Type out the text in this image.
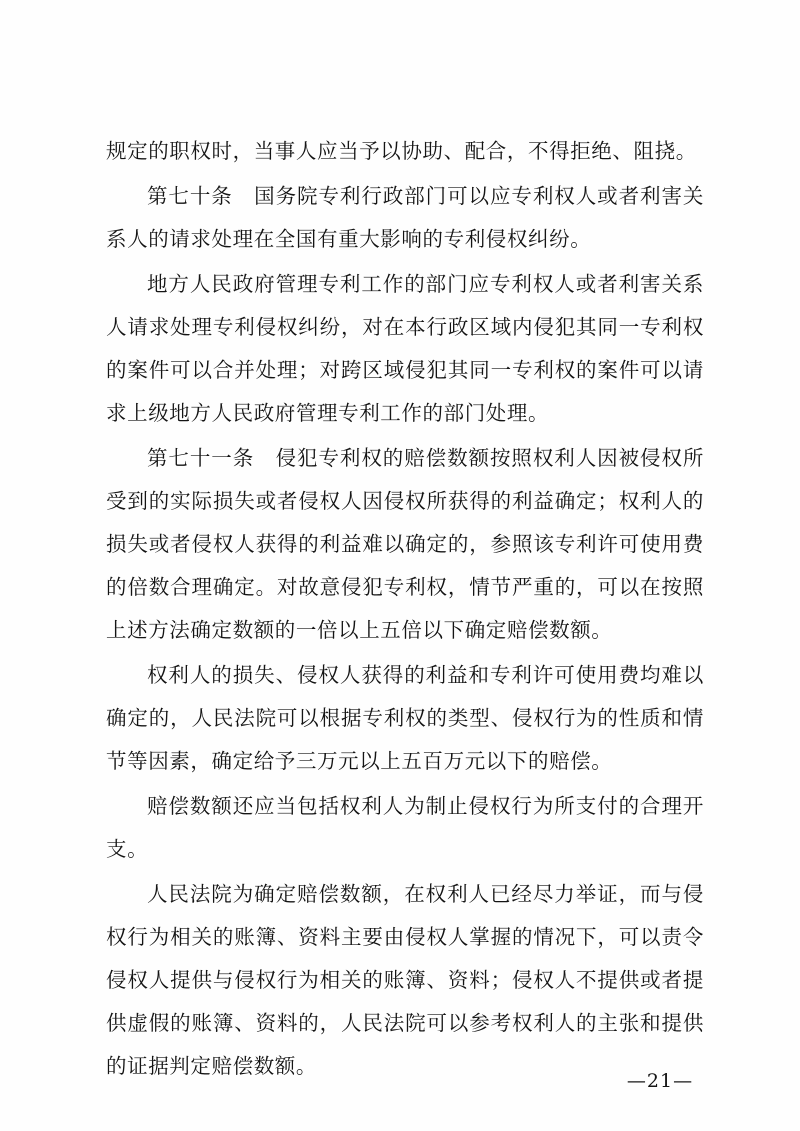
规定的职权时，当事人应当予以协助、配合，不得拒绝、阻挠。

第七十条　国务院专利行政部门可以应专利权人或者利害关系人的请求处理在全国有重大影响的专利侵权纠纷。

地方人民政府管理专利工作的部门应专利权人或者利害关系人请求处理专利侵权纠纷，对在本行政区域内侵犯其同一专利权的案件可以合并处理；对跨区域侵犯其同一专利权的案件可以请求上级地方人民政府管理专利工作的部门处理。

第七十一条　侵犯专利权的赔偿数额按照权利人因被侵权所受到的实际损失或者侵权人因侵权所获得的利益确定；权利人的损失或者侵权人获得的利益难以确定的，参照该专利许可使用费的倍数合理确定。对故意侵犯专利权，情节严重的，可以在按照上述方法确定数额的一倍以上五倍以下确定赔偿数额。

权利人的损失、侵权人获得的利益和专利许可使用费均难以确定的，人民法院可以根据专利权的类型、侵权行为的性质和情节等因素，确定给予三万元以上五百万元以下的赔偿。

赔偿数额还应当包括权利人为制止侵权行为所支付的合理开支。

人民法院为确定赔偿数额，在权利人已经尽力举证，而与侵权行为相关的账簿、资料主要由侵权人掌握的情况下，可以责令侵权人提供与侵权行为相关的账簿、资料；侵权人不提供或者提供虚假的账簿、资料的，人民法院可以参考权利人的主张和提供的证据判定赔偿数额。

—21—
